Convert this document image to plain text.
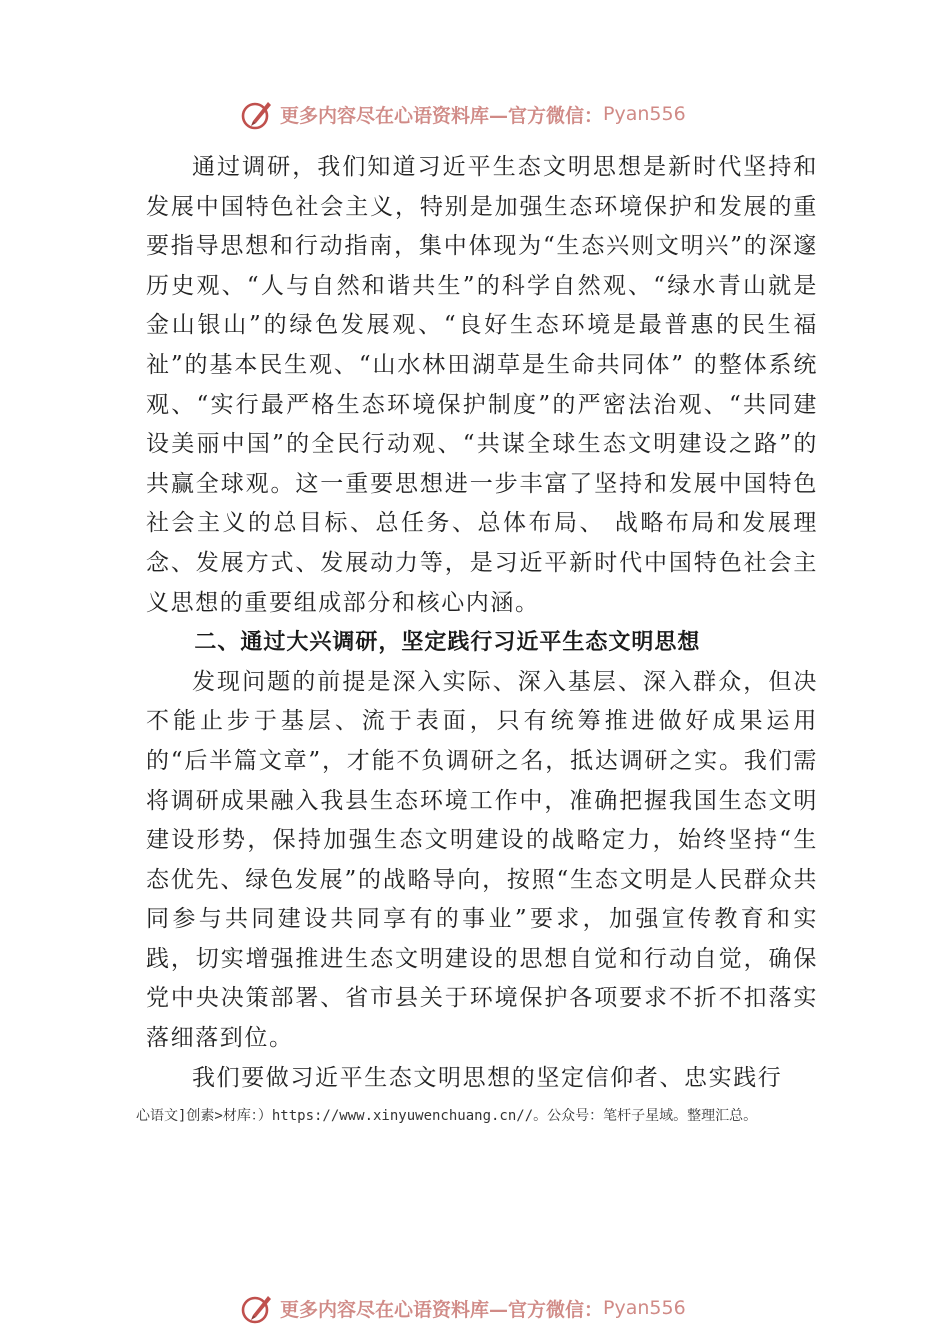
更多内容尽在心语资料库—官方微信： Pyan556

通过调研，我们知道习近平生态文明思想是新时代坚持和发展中国特色社会主义，特别是加强生态环境保护和发展的重要指导思想和行动指南，集中体现为“生态兴则文明兴”的深邃历史观、“人与自然和谐共生”的科学自然观、“绿水青山就是金山银山”的绿色发展观、“良好生态环境是最普惠的民生福祉”的基本民生观、“山水林田湖草是生命共同体” 的整体系统观、“实行最严格生态环境保护制度”的严密法治观、“共同建设美丽中国”的全民行动观、“共谋全球生态文明建设之路”的共赢全球观。这一重要思想进一步丰富了坚持和发展中国特色社会主义的总目标、总任务、总体布局、 战略布局和发展理念、发展方式、发展动力等，是习近平新时代中国特色社会主义思想的重要组成部分和核心内涵。

二、通过大兴调研，坚定践行习近平生态文明思想

发现问题的前提是深入实际、深入基层、深入群众，但决不能止步于基层、流于表面，只有统筹推进做好成果运用的“后半篇文章”，才能不负调研之名，抵达调研之实。我们需将调研成果融入我县生态环境工作中，准确把握我国生态文明建设形势，保持加强生态文明建设的战略定力，始终坚持“生态优先、绿色发展”的战略导向，按照“生态文明是人民群众共同参与共同建设共同享有的事业”要求，加强宣传教育和实践，切实增强推进生态文明建设的思想自觉和行动自觉，确保党中央决策部署、省市县关于环境保护各项要求不折不扣落实落细落到位。

我们要做习近平生态文明思想的坚定信仰者、忠实践行

心语文]创素>材库：）https://www.xinyuwenchuang.cn//。公众号：笔杆子星域。整理汇总。

更多内容尽在心语资料库—官方微信： Pyan556
